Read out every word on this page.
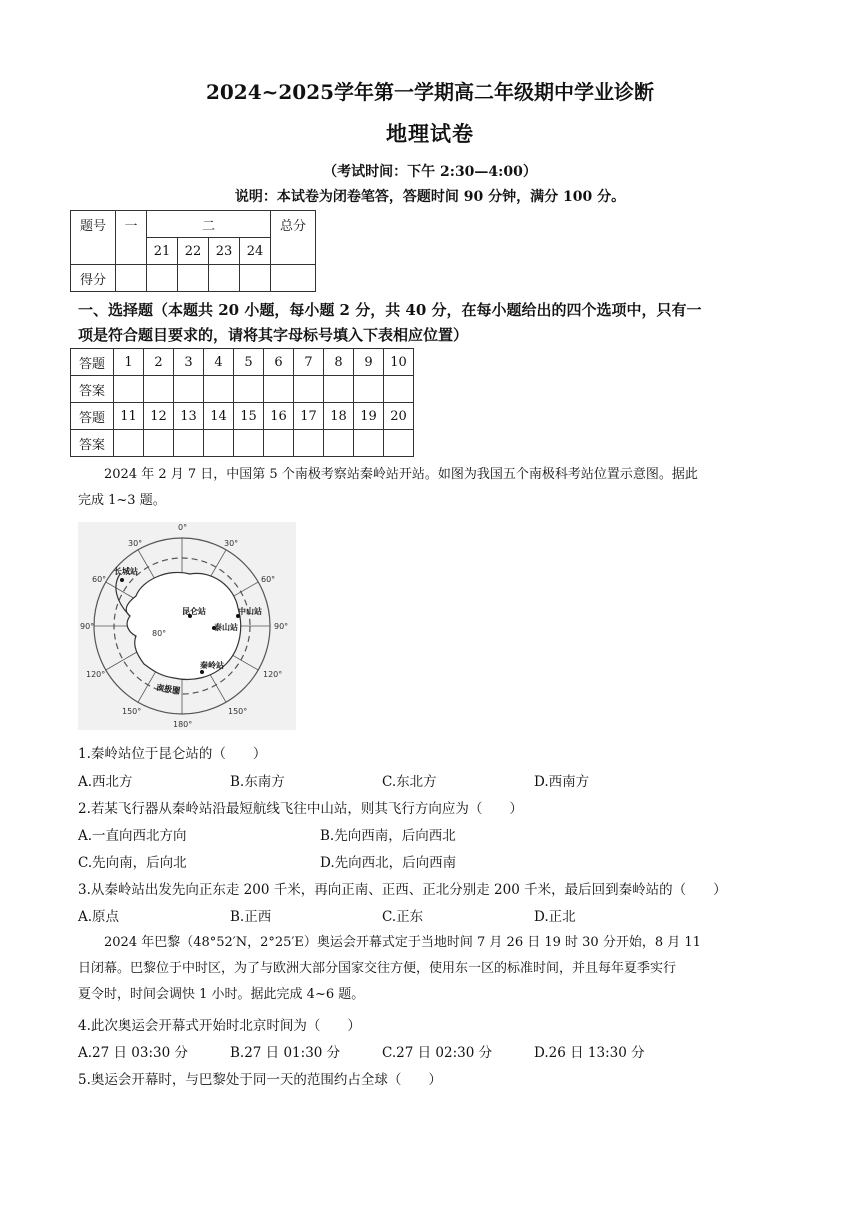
2024~2025学年第一学期高二年级期中学业诊断
地理试卷
（考试时间：下午 2:30—4:00）
说明：本试卷为闭卷笔答，答题时间 90 分钟，满分 100 分。
题号	一	二				总分
		21	22	23	24	
得分						
一、选择题（本题共 20 小题，每小题 2 分，共 40 分，在每小题给出的四个选项中，只有一
项是符合题目要求的，请将其字母标号填入下表相应位置）
答题	1	2	3	4	5	6	7	8	9	10
答案										
答题	11	12	13	14	15	16	17	18	19	20
答案										
2024 年 2 月 7 日，中国第 5 个南极考察站秦岭站开站。如图为我国五个南极科考站位置示意图。据此
完成 1~3 题。
0°
30°	30°
60°	60°
90°	90°
120°	120°
150°	150°
180°
80°
长城站
昆仑站	中山站
泰山站
秦岭站
南极圈
1.秦岭站位于昆仑站的（　　）
A.西北方	B.东南方	C.东北方	D.西南方
2.若某飞行器从秦岭站沿最短航线飞往中山站，则其飞行方向应为（　　）
A.一直向西北方向	B.先向西南，后向西北
C.先向南，后向北	D.先向西北，后向西南
3.从秦岭站出发先向正东走 200 千米，再向正南、正西、正北分别走 200 千米，最后回到秦岭站的（　　）
A.原点	B.正西	C.正东	D.正北
2024 年巴黎（48°52′N，2°25′E）奥运会开幕式定于当地时间 7 月 26 日 19 时 30 分开始，8 月 11
日闭幕。巴黎位于中时区，为了与欧洲大部分国家交往方便，使用东一区的标准时间，并且每年夏季实行
夏令时，时间会调快 1 小时。据此完成 4~6 题。
4.此次奥运会开幕式开始时北京时间为（　　）
A.27 日 03:30 分	B.27 日 01:30 分	C.27 日 02:30 分	D.26 日 13:30 分
5.奥运会开幕时，与巴黎处于同一天的范围约占全球（　　）
